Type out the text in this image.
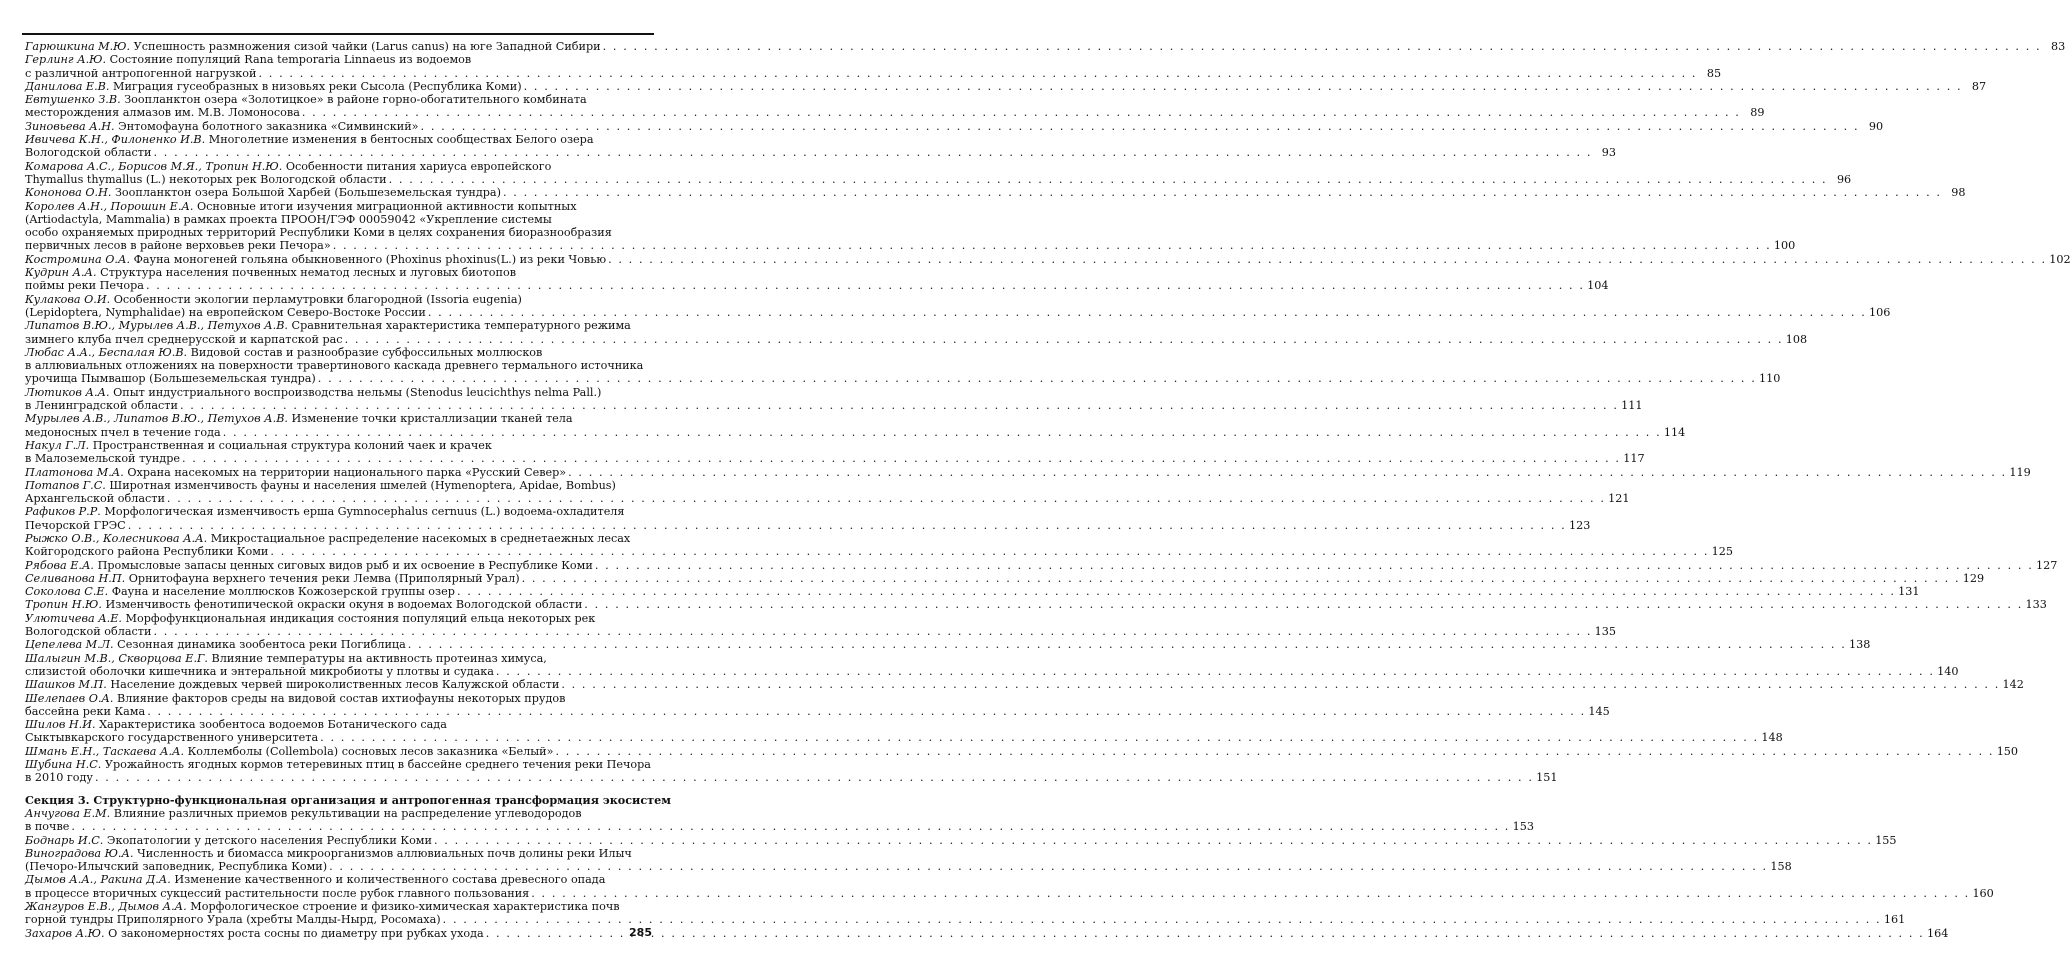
Гарюшкина М.Ю. Успешность размножения сизой чайки (Larus canus) на юге Западной Сибири . . .	83
Герлинг А.Ю. Состояние популяций Rana temporaria Linnaeus из водоемов
с различной антропогенной нагрузкой . . .	85
Данилова Е.В. Миграция гусеобразных в низовьях реки Сысола (Республика Коми) . . .	87
Евтушенко З.В. Зоопланктон озера «Золотицкое» в районе горно-обогатительного комбината
месторождения алмазов им. М.В. Ломоносова . . .	89
Зиновьева А.Н. Энтомофауна болотного заказника «Симвинский» . . .	90
Ивичева К.Н., Филоненко И.В. Многолетние изменения в бентосных сообществах Белого озера
Вологодской области . . .	93
Комарова А.С., Борисов М.Я., Тропин Н.Ю. Особенности питания хариуса европейского
Thymallus thymallus (L.) некоторых рек Вологодской области . . .	96
Кононова О.Н. Зоопланктон озера Большой Харбей (Большеземельская тундра) . . .	98
Королев А.Н., Порошин Е.А. Основные итоги изучения миграционной активности копытных
(Artiodactyla, Mammalia) в рамках проекта ПРООН/ГЭФ 00059042 «Укрепление системы
особо охраняемых природных территорий Республики Коми в целях сохранения биоразнообразия
первичных лесов в районе верховьев реки Печора» . . .	100
Костромина О.А. Фауна моногеней гольяна обыкновенного (Phoxinus phoxinus(L.) из реки Човью . . .	102
Кудрин А.А. Структура населения почвенных нематод лесных и луговых биотопов
поймы реки Печора . . .	104
Кулакова О.И. Особенности экологии перламутровки благородной (Issoria eugenia)
(Lepidoptera, Nymphalidae) на европейском Северо-Востоке России . . .	106
Липатов В.Ю., Мурылев А.В., Петухов А.В. Сравнительная характеристика температурного режима
зимнего клуба пчел среднерусской и карпатской рас . . .	108
Любас А.А., Беспалая Ю.В. Видовой состав и разнообразие субфоссильных моллюсков
в аллювиальных отложениях на поверхности травертинового каскада древнего термального источника
урочища Пымвашор (Большеземельская тундра) . . .	110
Лютиков А.А. Опыт индустриального воспроизводства нельмы (Stenodus leucichthys nelma Pall.)
в Ленинградской области . . .	111
Мурылев А.В., Липатов В.Ю., Петухов А.В. Изменение точки кристаллизации тканей тела
медоносных пчел в течение года . . .	114
Накул Г.Л. Пространственная и социальная структура колоний чаек и крачек
в Малоземельской тундре . . .	117
Платонова М.А. Охрана насекомых на территории национального парка «Русский Север» . . .	119
Потапов Г.С. Широтная изменчивость фауны и населения шмелей (Hymenoptera, Apidae, Bombus)
Архангельской области . . .	121
Рафиков Р.Р. Морфологическая изменчивость ерша Gymnocephalus cernuus (L.) водоема-охладителя
Печорской ГРЭС . . .	123
Рыжко О.В., Колесникова А.А. Микростациальное распределение насекомых в среднетаежных лесах
Койгородского района Республики Коми . . .	125
Рябова Е.А. Промысловые запасы ценных сиговых видов рыб и их освоение в Республике Коми . . .	127
Селиванова Н.П. Орнитофауна верхнего течения реки Лемва (Приполярный Урал) . . .	129
Соколова С.Е. Фауна и население моллюсков Кожозерской группы озер . . .	131
Тропин Н.Ю. Изменчивость фенотипической окраски окуня в водоемах Вологодской области . . .	133
Улютичева А.Е. Морфофункциональная индикация состояния популяций ельца некоторых рек
Вологодской области . . .	135
Цепелева М.Л. Сезонная динамика зообентоса реки Погиблица . . .	138
Шалыгин М.В., Скворцова Е.Г. Влияние температуры на активность протеиназ химуса,
слизистой оболочки кишечника и энтеральной микробиоты у плотвы и судака . . .	140
Шашков М.П. Население дождевых червей широколиственных лесов Калужской области . . .	142
Шелепаев О.А. Влияние факторов среды на видовой состав ихтиофауны некоторых прудов
бассейна реки Кама . . .	145
Шилов Н.И. Характеристика зообентоса водоемов Ботанического сада
Сыктывкарского государственного университета . . .	148
Шмань Е.Н., Таскаева А.А. Коллемболы (Collembola) сосновых лесов заказника «Белый» . . .	150
Шубина Н.С. Урожайность ягодных кормов тетеревиных птиц в бассейне среднего течения реки Печора
в 2010 году . . .	151
Секция 3. Структурно-функциональная организация и антропогенная трансформация экосистем
Анчугова Е.М. Влияние различных приемов рекультивации на распределение углеводородов
в почве . . .	153
Боднарь И.С. Экопатологии у детского населения Республики Коми . . .	155
Виноградова Ю.А. Численность и биомасса микроорганизмов аллювиальных почв долины реки Илыч
(Печоро-Илычский заповедник, Республика Коми) . . .	158
Дымов А.А., Ракина Д.А. Изменение качественного и количественного состава древесного опада
в процессе вторичных сукцессий растительности после рубок главного пользования . . .	160
Жангуров Е.В., Дымов А.А. Морфологическое строение и физико-химическая характеристика почв
горной тундры Приполярного Урала (хребты Малды-Нырд, Росомаха) . . .	161
Захаров А.Ю. О закономерностях роста сосны по диаметру при рубках ухода . . .	164
285
